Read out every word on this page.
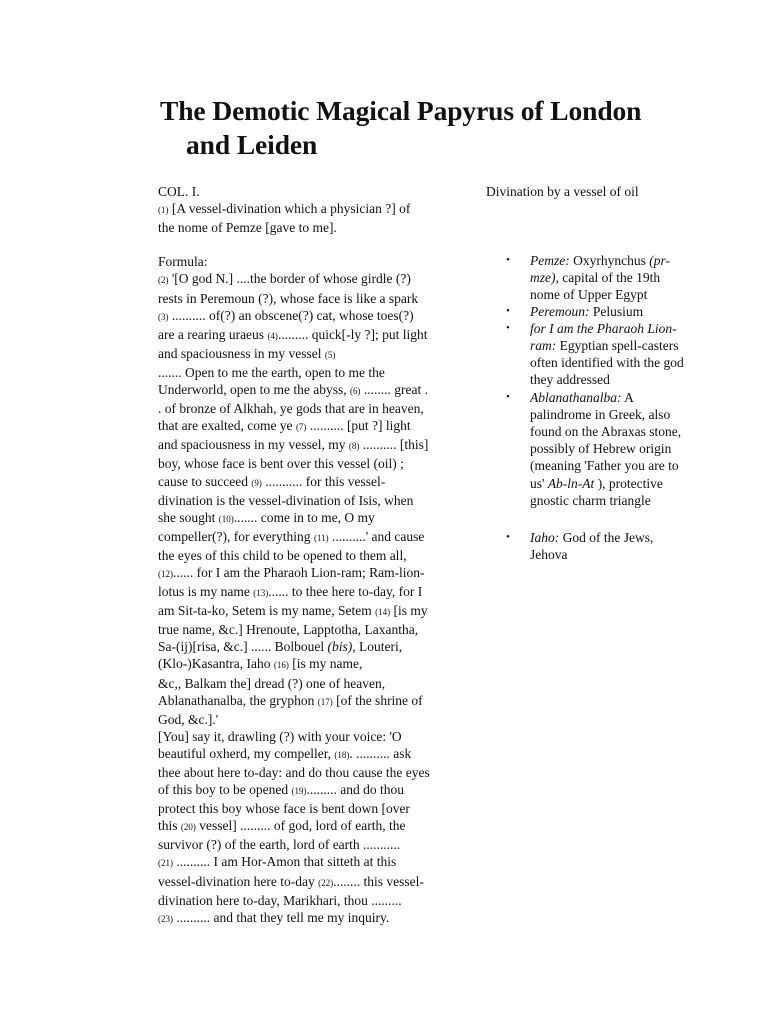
The Demotic Magical Papyrus of London
and Leiden
COL. I.
(1) [A vessel-divination which a physician ?] of
the nome of Pemze [gave to me].
Formula:
(2) '[O god N.] ....the border of whose girdle (?)
rests in Peremoun (?), whose face is like a spark
(3) .......... of(?) an obscene(?) cat, whose toes(?)
are a rearing uraeus (4)......... quick[-ly ?]; put light
and spaciousness in my vessel (5)
....... Open to me the earth, open to me the
Underworld, open to me the abyss, (6) ........ great .
. of bronze of Alkhah, ye gods that are in heaven,
that are exalted, come ye (7) .......... [put ?] light
and spaciousness in my vessel, my (8) .......... [this]
boy, whose face is bent over this vessel (oil) ;
cause to succeed (9) ........... for this vessel-
divination is the vessel-divination of Isis, when
she sought (10)....... come in to me, O my
compeller(?), for everything (11) ..........' and cause
the eyes of this child to be opened to them all,
(12)...... for I am the Pharaoh Lion-ram; Ram-lion-
lotus is my name (13)...... to thee here to-day, for I
am Sit-ta-ko, Setem is my name, Setem (14) [is my
true name, &c.] Hrenoute, Lapptotha, Laxantha,
Sa-(ij)[risa, &c.] ...... Bolbouel (bis), Louteri,
(Klo-)Kasantra, Iaho (16) [is my name,
&c,, Balkam the] dread (?) one of heaven,
Ablanathanalba, the gryphon (17) [of the shrine of
God, &c.].'
[You] say it, drawling (?) with your voice: 'O
beautiful oxherd, my compeller, (18). .......... ask
thee about here to-day: and do thou cause the eyes
of this boy to be opened (19)......... and do thou
protect this boy whose face is bent down [over
this (20) vessel] ......... of god, lord of earth, the
survivor (?) of the earth, lord of earth ...........
(21) .......... I am Hor-Amon that sitteth at this
vessel-divination here to-day (22)........ this vessel-
divination here to-day, Marikhari, thou .........
(23) .......... and that they tell me my inquiry.
Divination by a vessel of oil
• Pemze: Oxyrhynchus (pr-
mze), capital of the 19th
nome of Upper Egypt
• Peremoun: Pelusium
• for I am the Pharaoh Lion-
ram: Egyptian spell-casters
often identified with the god
they addressed
• Ablanathanalba: A
palindrome in Greek, also
found on the Abraxas stone,
possibly of Hebrew origin
(meaning 'Father you are to
us' Ab-ln-At ), protective
gnostic charm triangle
• Iaho: God of the Jews,
Jehova
